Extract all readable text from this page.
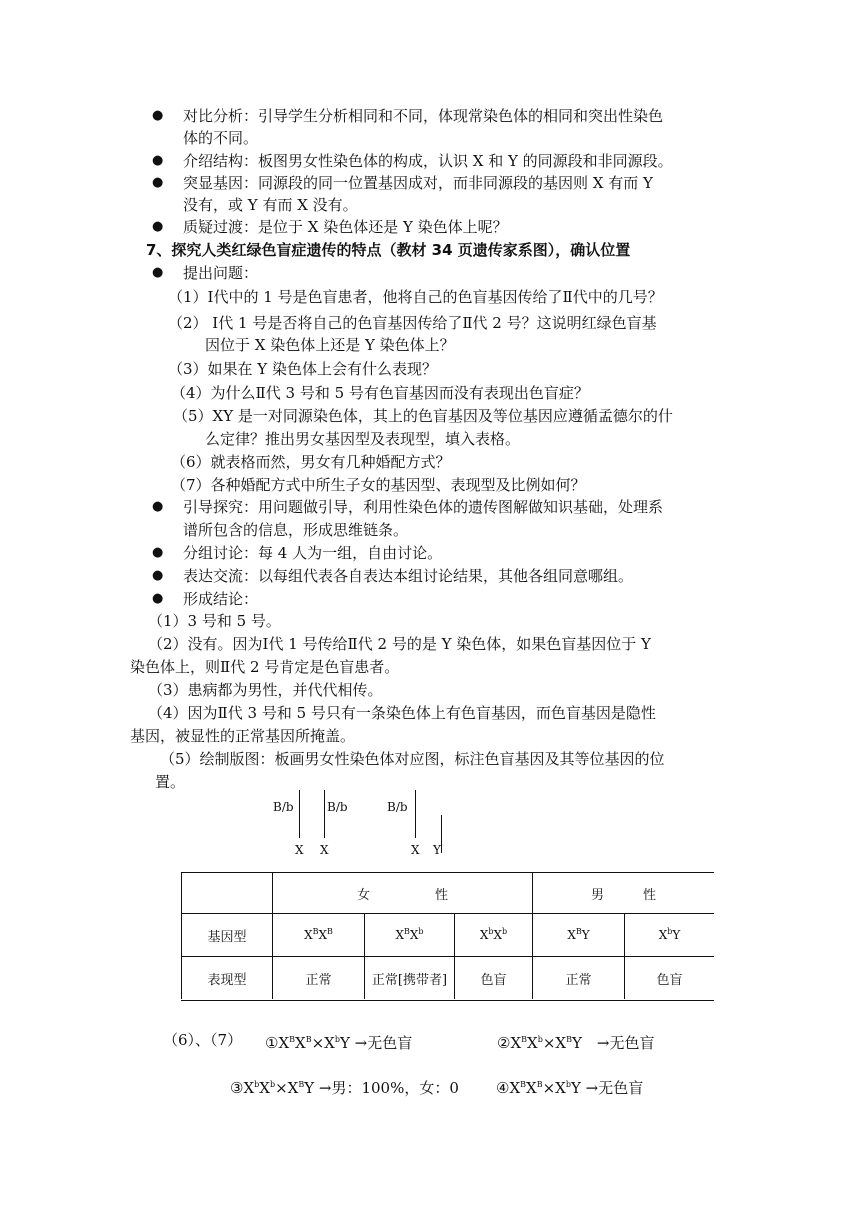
● 对比分析：引导学生分析相同和不同，体现常染色体的相同和突出性染色
体的不同。
● 介绍结构：板图男女性染色体的构成，认识 X 和 Y 的同源段和非同源段。
● 突显基因：同源段的同一位置基因成对，而非同源段的基因则 X 有而 Y
没有，或 Y 有而 X 没有。
● 质疑过渡：是位于 X 染色体还是 Y 染色体上呢？
7、探究人类红绿色盲症遗传的特点（教材 34 页遗传家系图），确认位置
● 提出问题：
（1）Ⅰ代中的 1 号是色盲患者，他将自己的色盲基因传给了Ⅱ代中的几号？
（2） Ⅰ代 1 号是否将自己的色盲基因传给了Ⅱ代 2 号？这说明红绿色盲基
因位于 X 染色体上还是 Y 染色体上？
（3）如果在 Y 染色体上会有什么表现？
（4）为什么Ⅱ代 3 号和 5 号有色盲基因而没有表现出色盲症？
（5）XY 是一对同源染色体，其上的色盲基因及等位基因应遵循孟德尔的什
么定律？推出男女基因型及表现型，填入表格。
（6）就表格而然，男女有几种婚配方式？
（7）各种婚配方式中所生子女的基因型、表现型及比例如何？
● 引导探究：用问题做引导，利用性染色体的遗传图解做知识基础，处理系
谱所包含的信息，形成思维链条。
● 分组讨论：每 4 人为一组，自由讨论。
● 表达交流：以每组代表各自表达本组讨论结果，其他各组同意哪组。
● 形成结论：
（1）3 号和 5 号。
（2）没有。因为Ⅰ代 1 号传给Ⅱ代 2 号的是 Y 染色体，如果色盲基因位于 Y
染色体上，则Ⅱ代 2 号肯定是色盲患者。
（3）患病都为男性，并代代相传。
（4）因为Ⅱ代 3 号和 5 号只有一条染色体上有色盲基因，而色盲基因是隐性
基因，被显性的正常基因所掩盖。
（5）绘制版图：板画男女性染色体对应图，标注色盲基因及其等位基因的位
置。
B/b	B/b	B/b
X X	X Y
	女　　　　　性			男　　　性	
基因型	$X^BX^B$	$X^BX^b$	$X^bX^b$	$X^BY$	$X^bY$
表现型	正常	正常[携带者]	色盲	正常	色盲
（6）、（7） $①X^BX^B\times X^bY$ →无色盲	$②X^BX^b\times X^BY$　→无色盲
$③X^bX^b\times X^BY$ →男：100%，女：0 $④X^BX^B\times X^bY$ →无色盲
